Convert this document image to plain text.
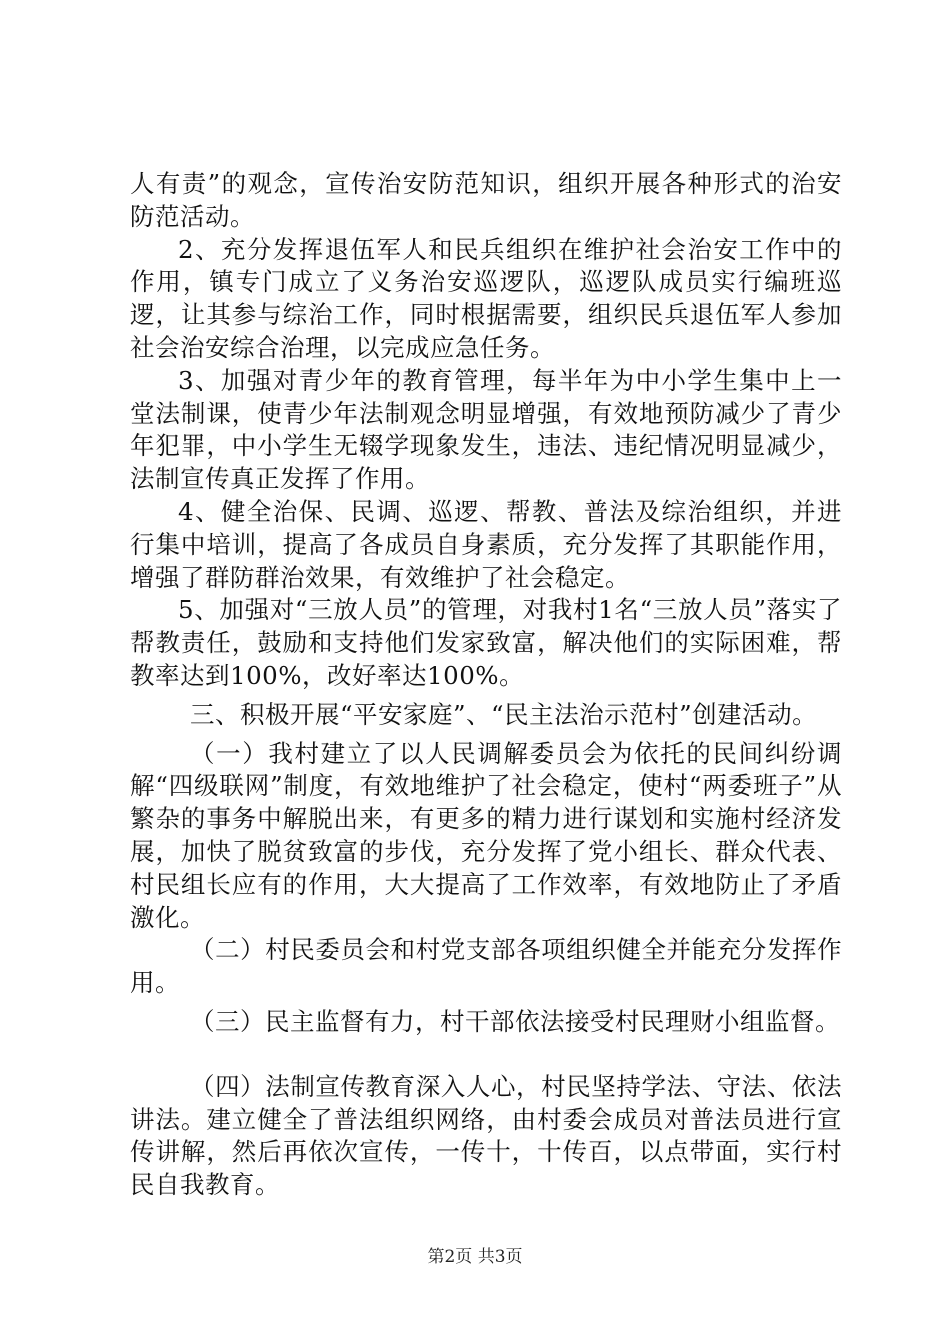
人有责”的观念，宣传治安防范知识，组织开展各种形式的治安防范活动。

2、充分发挥退伍军人和民兵组织在维护社会治安工作中的作用，镇专门成立了义务治安巡逻队，巡逻队成员实行编班巡逻，让其参与综治工作，同时根据需要，组织民兵退伍军人参加社会治安综合治理，以完成应急任务。

3、加强对青少年的教育管理，每半年为中小学生集中上一堂法制课，使青少年法制观念明显增强，有效地预防减少了青少年犯罪，中小学生无辍学现象发生，违法、违纪情况明显减少，法制宣传真正发挥了作用。

4、健全治保、民调、巡逻、帮教、普法及综治组织，并进行集中培训，提高了各成员自身素质，充分发挥了其职能作用，增强了群防群治效果，有效维护了社会稳定。

5、加强对“三放人员”的管理，对我村1名“三放人员”落实了帮教责任，鼓励和支持他们发家致富，解决他们的实际困难，帮教率达到100%，改好率达100%。

三、积极开展“平安家庭”、“民主法治示范村”创建活动。

（一）我村建立了以人民调解委员会为依托的民间纠纷调解“四级联网”制度，有效地维护了社会稳定，使村“两委班子”从繁杂的事务中解脱出来，有更多的精力进行谋划和实施村经济发展，加快了脱贫致富的步伐，充分发挥了党小组长、群众代表、村民组长应有的作用，大大提高了工作效率，有效地防止了矛盾激化。

（二）村民委员会和村党支部各项组织健全并能充分发挥作用。

（三）民主监督有力，村干部依法接受村民理财小组监督。

（四）法制宣传教育深入人心，村民坚持学法、守法、依法讲法。建立健全了普法组织网络，由村委会成员对普法员进行宣传讲解，然后再依次宣传，一传十，十传百，以点带面，实行村民自我教育。

第2页 共3页
